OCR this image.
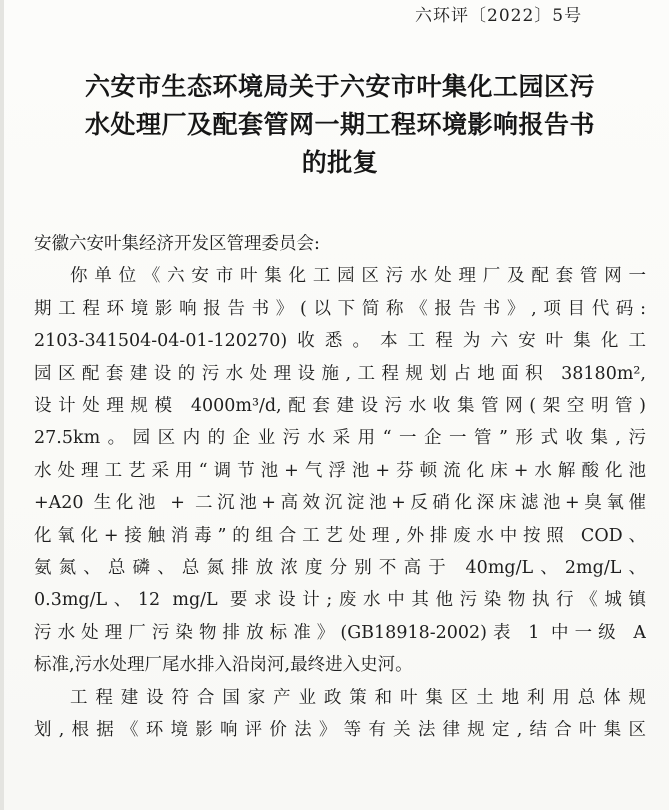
六环评〔2022〕5号
六安市生态环境局关于六安市叶集化工园区污
水处理厂及配套管网一期工程环境影响报告书
的批复
安徽六安叶集经济开发区管理委员会:
你单位《六安市叶集化工园区污水处理厂及配套管网一
期工程环境影响报告书》(以下简称《报告书》,项目代码:
2103-341504-04-01-120270)收悉。本工程为六安叶集化工
园区配套建设的污水处理设施,工程规划占地面积 38180m²,
设计处理规模 4000m³/d,配套建设污水收集管网(架空明管)
27.5km。园区内的企业污水采用“一企一管”形式收集,污
水处理工艺采用“调节池+气浮池+芬顿流化床+水解酸化池
+A20 生化池 + 二沉池+高效沉淀池+反硝化深床滤池+臭氧催
化氧化+接触消毒”的组合工艺处理,外排废水中按照 COD、
氨氮、总磷、总氮排放浓度分别不高于 40mg/L、2mg/L、
0.3mg/L、12 mg/L 要求设计;废水中其他污染物执行《城镇
污水处理厂污染物排放标准》(GB18918-2002)表 1 中一级 A
标准,污水处理厂尾水排入沿岗河,最终进入史河。
工程建设符合国家产业政策和叶集区土地利用总体规
划,根据《环境影响评价法》等有关法律规定,结合叶集区
